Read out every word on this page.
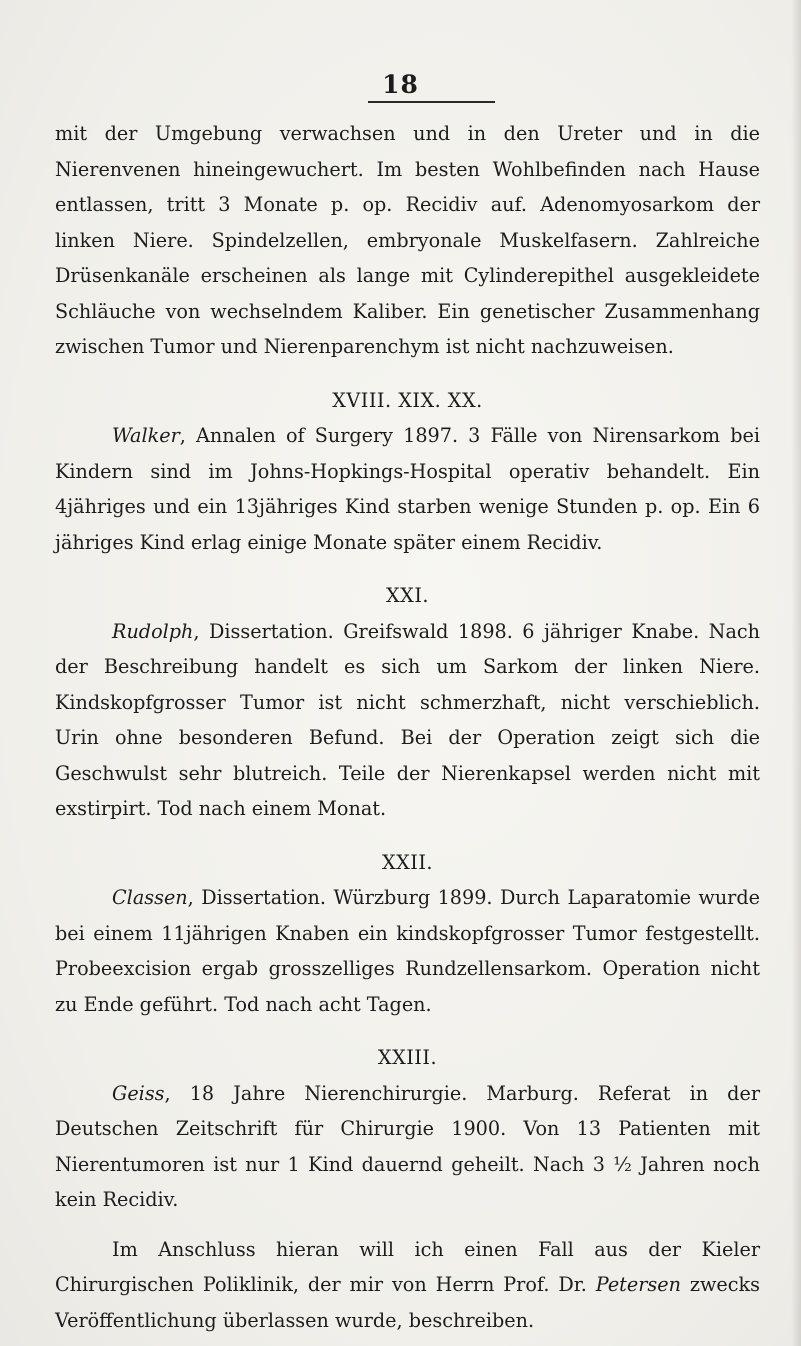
18

mit der Umgebung verwachsen und in den Ureter und in die Nierenvenen hineingewuchert. Im besten Wohlbefinden nach Hause entlassen, tritt 3 Monate p. op. Recidiv auf. Adenomyosarkom der linken Niere. Spindelzellen, embryonale Muskelfasern. Zahlreiche Drüsenkanäle erscheinen als lange mit Cylinderepithel ausgekleidete Schläuche von wechselndem Kaliber. Ein genetischer Zusammenhang zwischen Tumor und Nierenparenchym ist nicht nachzuweisen.

XVIII. XIX. XX.

Walker, Annalen of Surgery 1897. 3 Fälle von Nirensarkom bei Kindern sind im Johns-Hopkings-Hospital operativ behandelt. Ein 4jähriges und ein 13jähriges Kind starben wenige Stunden p. op. Ein 6 jähriges Kind erlag einige Monate später einem Recidiv.

XXI.

Rudolph, Dissertation. Greifswald 1898. 6 jähriger Knabe. Nach der Beschreibung handelt es sich um Sarkom der linken Niere. Kindskopfgrosser Tumor ist nicht schmerzhaft, nicht verschieblich. Urin ohne besonderen Befund. Bei der Operation zeigt sich die Geschwulst sehr blutreich. Teile der Nierenkapsel werden nicht mit exstirpirt. Tod nach einem Monat.

XXII.

Classen, Dissertation. Würzburg 1899. Durch Laparatomie wurde bei einem 11jährigen Knaben ein kindskopfgrosser Tumor festgestellt. Probeexcision ergab grosszelliges Rundzellensarkom. Operation nicht zu Ende geführt. Tod nach acht Tagen.

XXIII.

Geiss, 18 Jahre Nierenchirurgie. Marburg. Referat in der Deutschen Zeitschrift für Chirurgie 1900. Von 13 Patienten mit Nierentumoren ist nur 1 Kind dauernd geheilt. Nach 3 ½ Jahren noch kein Recidiv.

Im Anschluss hieran will ich einen Fall aus der Kieler Chirurgischen Poliklinik, der mir von Herrn Prof. Dr. Petersen zwecks Veröffentlichung überlassen wurde, beschreiben.
